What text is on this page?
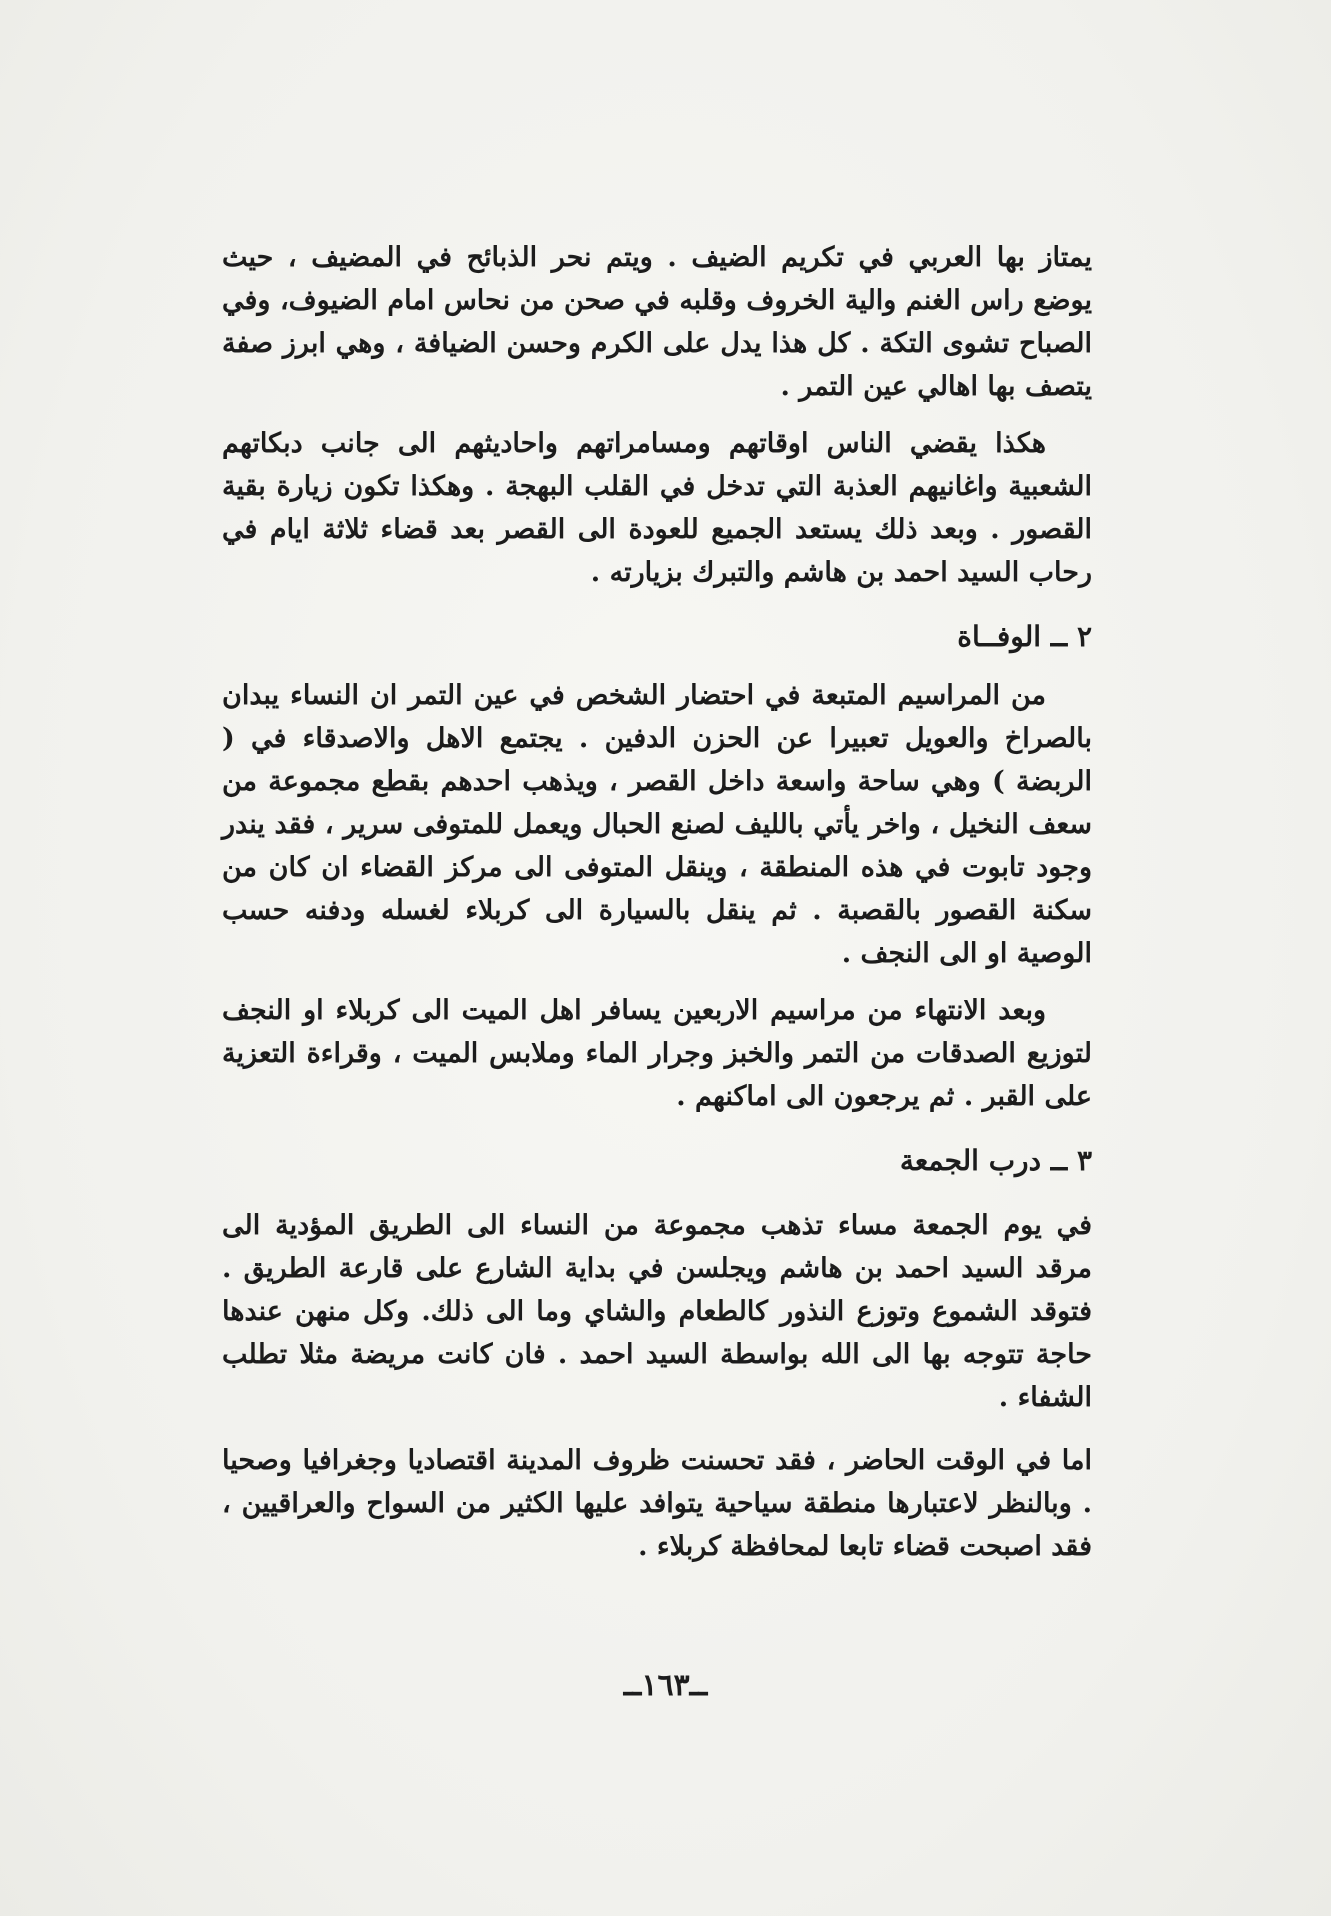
يمتاز بها العربي في تكريم الضيف . ويتم نحر الذبائح في المضيف ، حيث يوضع راس الغنم والية الخروف وقلبه في صحن من نحاس امام الضيوف، وفي الصباح تشوى التكة . كل هذا يدل على الكرم وحسن الضيافة ، وهي ابرز صفة يتصف بها اهالي عين التمر .

هكذا يقضي الناس اوقاتهم ومسامراتهم واحاديثهم الى جانب دبكاتهم الشعبية واغانيهم العذبة التي تدخل في القلب البهجة . وهكذا تكون زيارة بقية القصور . وبعد ذلك يستعد الجميع للعودة الى القصر بعد قضاء ثلاثة ايام في رحاب السيد احمد بن هاشم والتبرك بزيارته .

٢ ــ الوفــاة

من المراسيم المتبعة في احتضار الشخص في عين التمر ان النساء يبدان بالصراخ والعويل تعبيرا عن الحزن الدفين . يجتمع الاهل والاصدقاء في ( الربضة ) وهي ساحة واسعة داخل القصر ، ويذهب احدهم بقطع مجموعة من سعف النخيل ، واخر يأتي بالليف لصنع الحبال ويعمل للمتوفى سرير ، فقد يندر وجود تابوت في هذه المنطقة ، وينقل المتوفى الى مركز القضاء ان كان من سكنة القصور بالقصبة . ثم ينقل بالسيارة الى كربلاء لغسله ودفنه حسب الوصية او الى النجف .

وبعد الانتهاء من مراسيم الاربعين يسافر اهل الميت الى كربلاء او النجف لتوزيع الصدقات من التمر والخبز وجرار الماء وملابس الميت ، وقراءة التعزية على القبر . ثم يرجعون الى اماكنهم .

٣ ــ درب الجمعة

في يوم الجمعة مساء تذهب مجموعة من النساء الى الطريق المؤدية الى مرقد السيد احمد بن هاشم ويجلسن في بداية الشارع على قارعة الطريق . فتوقد الشموع وتوزع النذور كالطعام والشاي وما الى ذلك. وكل منهن عندها حاجة تتوجه بها الى الله بواسطة السيد احمد . فان كانت مريضة مثلا تطلب الشفاء .

اما في الوقت الحاضر ، فقد تحسنت ظروف المدينة اقتصاديا وجغرافيا وصحيا . وبالنظر لاعتبارها منطقة سياحية يتوافد عليها الكثير من السواح والعراقيين ، فقد اصبحت قضاء تابعا لمحافظة كربلاء .

ــ١٦٣ــ
